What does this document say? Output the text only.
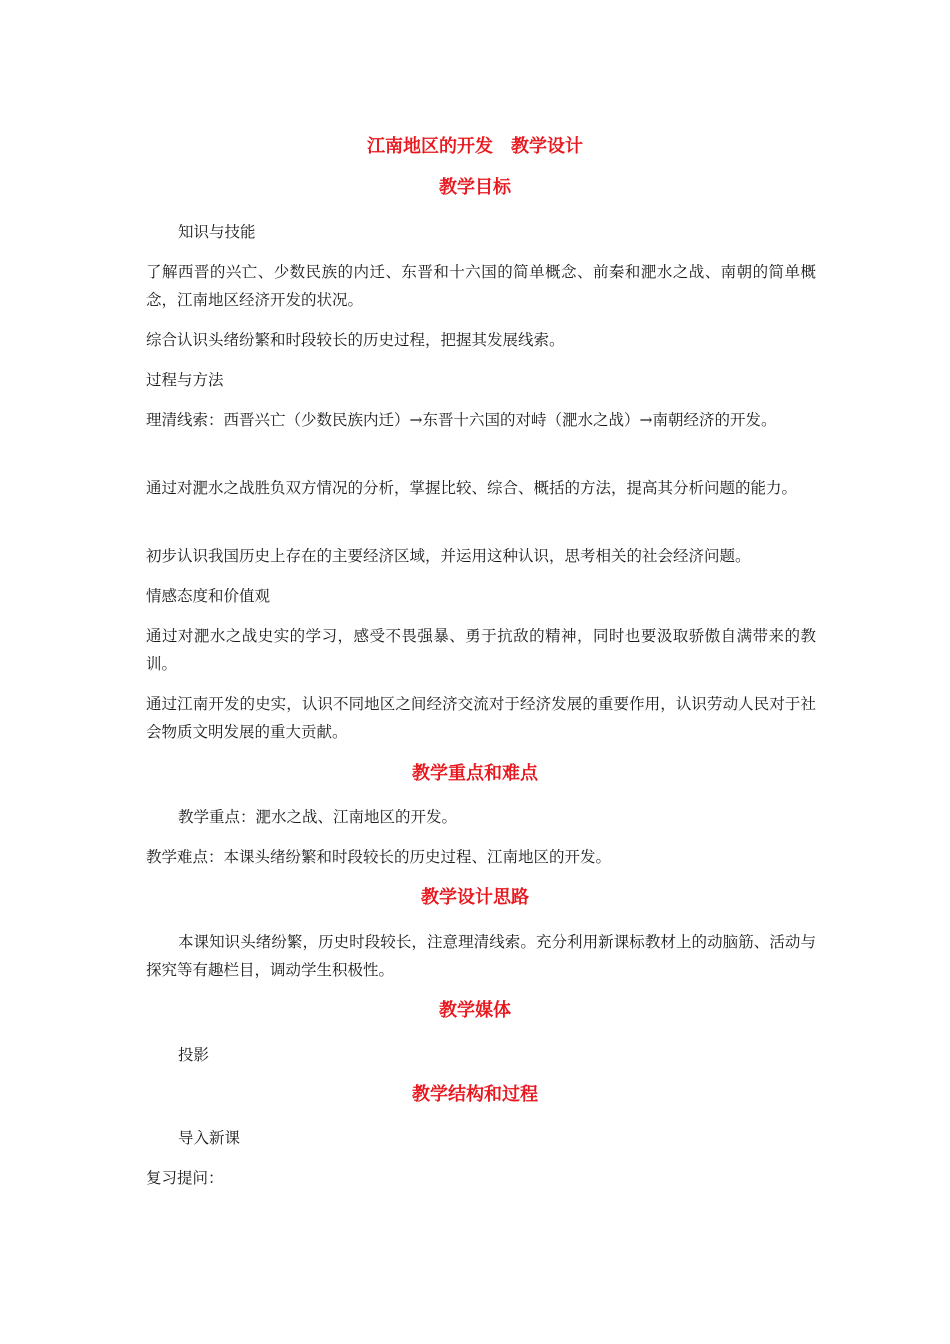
江南地区的开发　教学设计
教学目标
知识与技能
了解西晋的兴亡、少数民族的内迁、东晋和十六国的简单概念、前秦和淝水之战、南朝的简单概念，江南地区经济开发的状况。
综合认识头绪纷繁和时段较长的历史过程，把握其发展线索。
过程与方法
理清线索：西晋兴亡（少数民族内迁）→东晋十六国的对峙（淝水之战）→南朝经济的开发。
通过对淝水之战胜负双方情况的分析，掌握比较、综合、概括的方法，提高其分析问题的能力。
初步认识我国历史上存在的主要经济区域，并运用这种认识，思考相关的社会经济问题。
情感态度和价值观
通过对淝水之战史实的学习，感受不畏强暴、勇于抗敌的精神，同时也要汲取骄傲自满带来的教训。
通过江南开发的史实，认识不同地区之间经济交流对于经济发展的重要作用，认识劳动人民对于社会物质文明发展的重大贡献。
教学重点和难点
教学重点：淝水之战、江南地区的开发。
教学难点：本课头绪纷繁和时段较长的历史过程、江南地区的开发。
教学设计思路
本课知识头绪纷繁，历史时段较长，注意理清线索。充分利用新课标教材上的动脑筋、活动与探究等有趣栏目，调动学生积极性。
教学媒体
投影
教学结构和过程
导入新课
复习提问：
